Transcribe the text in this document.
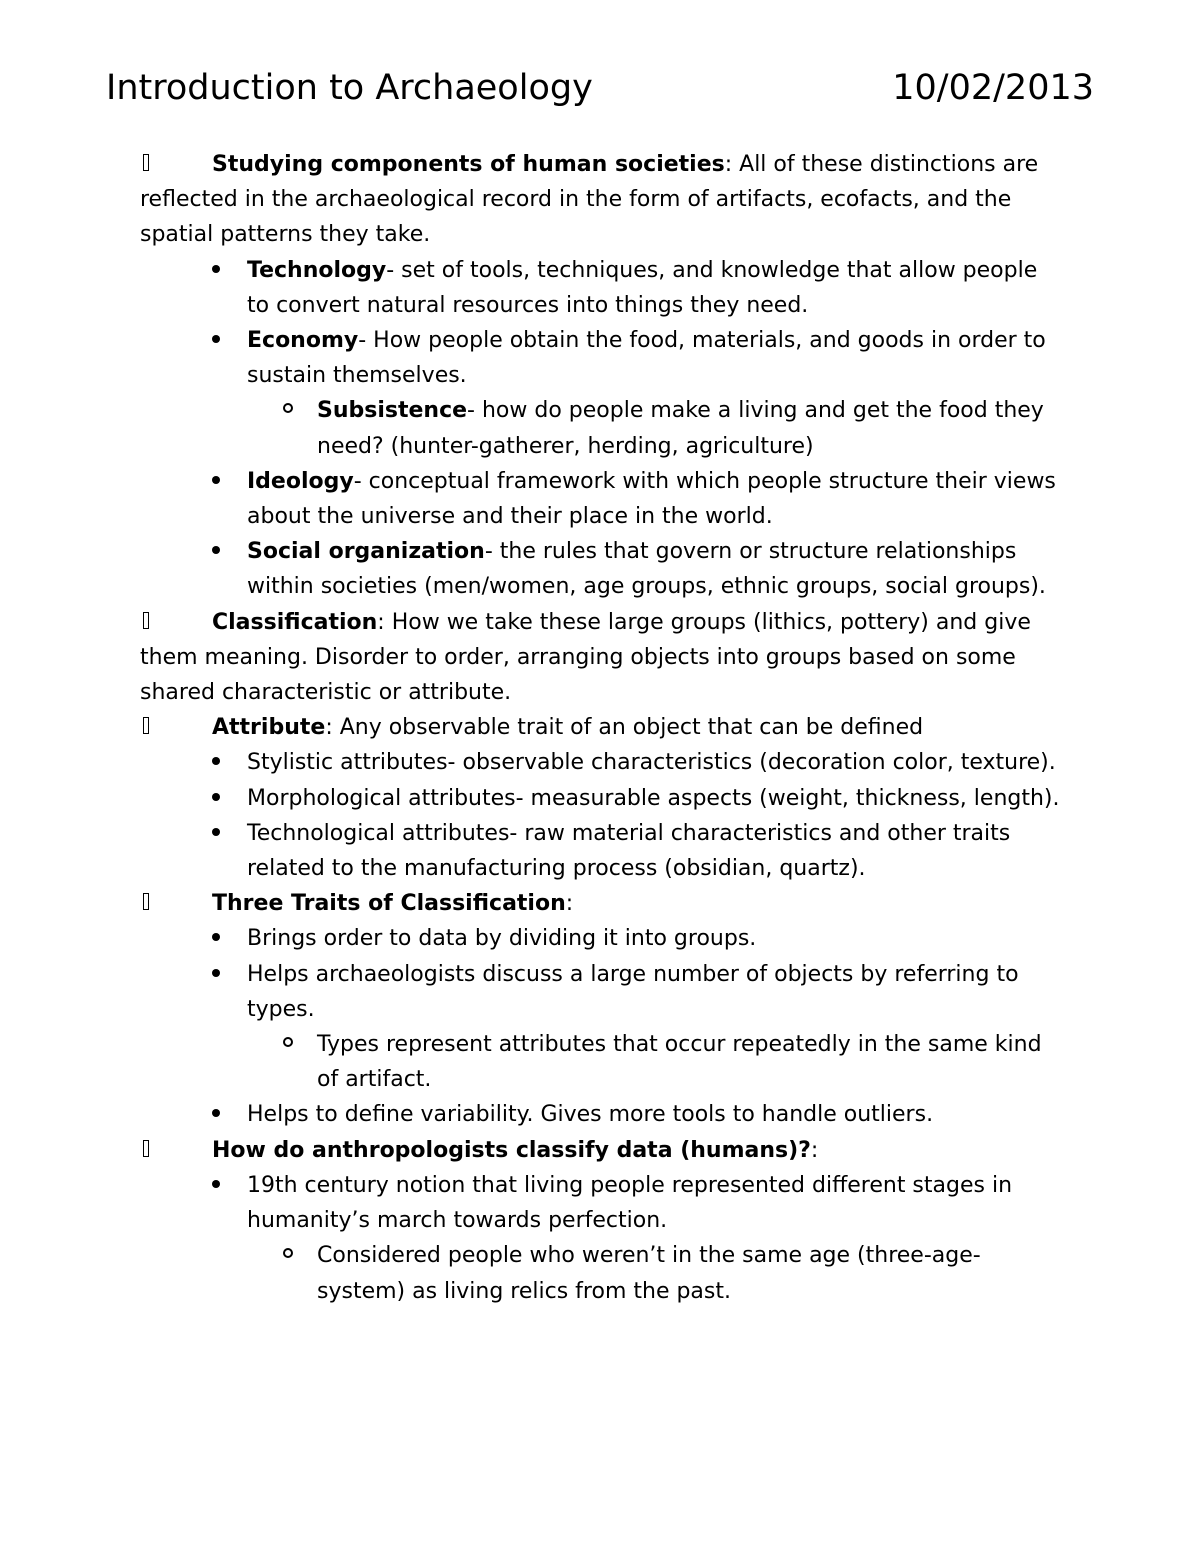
Introduction to Archaeology	10/02/2013
Studying components of human societies: All of these distinctions are reflected in the archaeological record in the form of artifacts, ecofacts, and the spatial patterns they take.
Technology- set of tools, techniques, and knowledge that allow people to convert natural resources into things they need.
Economy- How people obtain the food, materials, and goods in order to sustain themselves.
Subsistence- how do people make a living and get the food they need? (hunter-gatherer, herding, agriculture)
Ideology- conceptual framework with which people structure their views about the universe and their place in the world.
Social organization- the rules that govern or structure relationships within societies (men/women, age groups, ethnic groups, social groups).
Classification: How we take these large groups (lithics, pottery) and give them meaning. Disorder to order, arranging objects into groups based on some shared characteristic or attribute.
Attribute: Any observable trait of an object that can be defined
Stylistic attributes- observable characteristics (decoration color, texture).
Morphological attributes- measurable aspects (weight, thickness, length).
Technological attributes- raw material characteristics and other traits related to the manufacturing process (obsidian, quartz).
Three Traits of Classification:
Brings order to data by dividing it into groups.
Helps archaeologists discuss a large number of objects by referring to types.
Types represent attributes that occur repeatedly in the same kind of artifact.
Helps to define variability. Gives more tools to handle outliers.
How do anthropologists classify data (humans)?:
19th century notion that living people represented different stages in humanity’s march towards perfection.
Considered people who weren’t in the same age (three-age-system) as living relics from the past.
